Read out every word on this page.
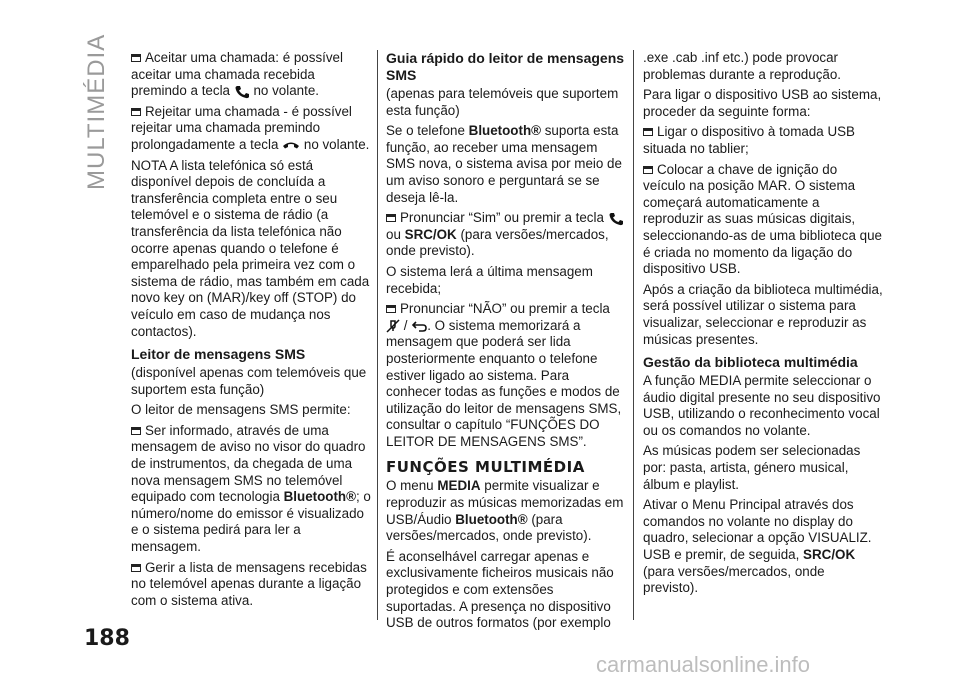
MULTIMÉDIA
188

Aceitar uma chamada: é possível aceitar uma chamada recebida premindo a tecla no volante.

Rejeitar uma chamada - é possível rejeitar uma chamada premindo prolongadamente a tecla no volante.

NOTA A lista telefónica só está disponível depois de concluída a transferência completa entre o seu telemóvel e o sistema de rádio (a transferência da lista telefónica não ocorre apenas quando o telefone é emparelhado pela primeira vez com o sistema de rádio, mas também em cada novo key on (MAR)/key off (STOP) do veículo em caso de mudança nos contactos).

Leitor de mensagens SMS

(disponível apenas com telemóveis que suportem esta função)

O leitor de mensagens SMS permite:

Ser informado, através de uma mensagem de aviso no visor do quadro de instrumentos, da chegada de uma nova mensagem SMS no telemóvel equipado com tecnologia Bluetooth®; o número/nome do emissor é visualizado e o sistema pedirá para ler a mensagem.

Gerir a lista de mensagens recebidas no telemóvel apenas durante a ligação com o sistema ativa.

Guia rápido do leitor de mensagens SMS

(apenas para telemóveis que suportem esta função)

Se o telefone Bluetooth® suporta esta função, ao receber uma mensagem SMS nova, o sistema avisa por meio de um aviso sonoro e perguntará se se deseja lê-la.

Pronunciar “Sim” ou premir a tecla  ou SRC/OK (para versões/mercados, onde previsto).

O sistema lerá a última mensagem recebida;

Pronunciar “NÃO” ou premir a tecla  / . O sistema memorizará a mensagem que poderá ser lida posteriormente enquanto o telefone estiver ligado ao sistema. Para conhecer todas as funções e modos de utilização do leitor de mensagens SMS, consultar o capítulo “FUNÇÕES DO LEITOR DE MENSAGENS SMS”.

FUNÇÕES MULTIMÉDIA

O menu MEDIA permite visualizar e reproduzir as músicas memorizadas em USB/Áudio Bluetooth® (para versões/mercados, onde previsto).

É aconselhável carregar apenas e exclusivamente ficheiros musicais não protegidos e com extensões suportadas. A presença no dispositivo USB de outros formatos (por exemplo

.exe .cab .inf etc.) pode provocar problemas durante a reprodução.

Para ligar o dispositivo USB ao sistema, proceder da seguinte forma:

Ligar o dispositivo à tomada USB situada no tablier;

Colocar a chave de ignição do veículo na posição MAR. O sistema começará automaticamente a reproduzir as suas músicas digitais, seleccionando-as de uma biblioteca que é criada no momento da ligação do dispositivo USB.

Após a criação da biblioteca multimédia, será possível utilizar o sistema para visualizar, seleccionar e reproduzir as músicas presentes.

Gestão da biblioteca multimédia

A função MEDIA permite seleccionar o áudio digital presente no seu dispositivo USB, utilizando o reconhecimento vocal ou os comandos no volante.

As músicas podem ser selecionadas por: pasta, artista, género musical, álbum e playlist.

Ativar o Menu Principal através dos comandos no volante no display do quadro, selecionar a opção VISUALIZ. USB e premir, de seguida, SRC/OK (para versões/mercados, onde previsto).

carmanualsonline.info
